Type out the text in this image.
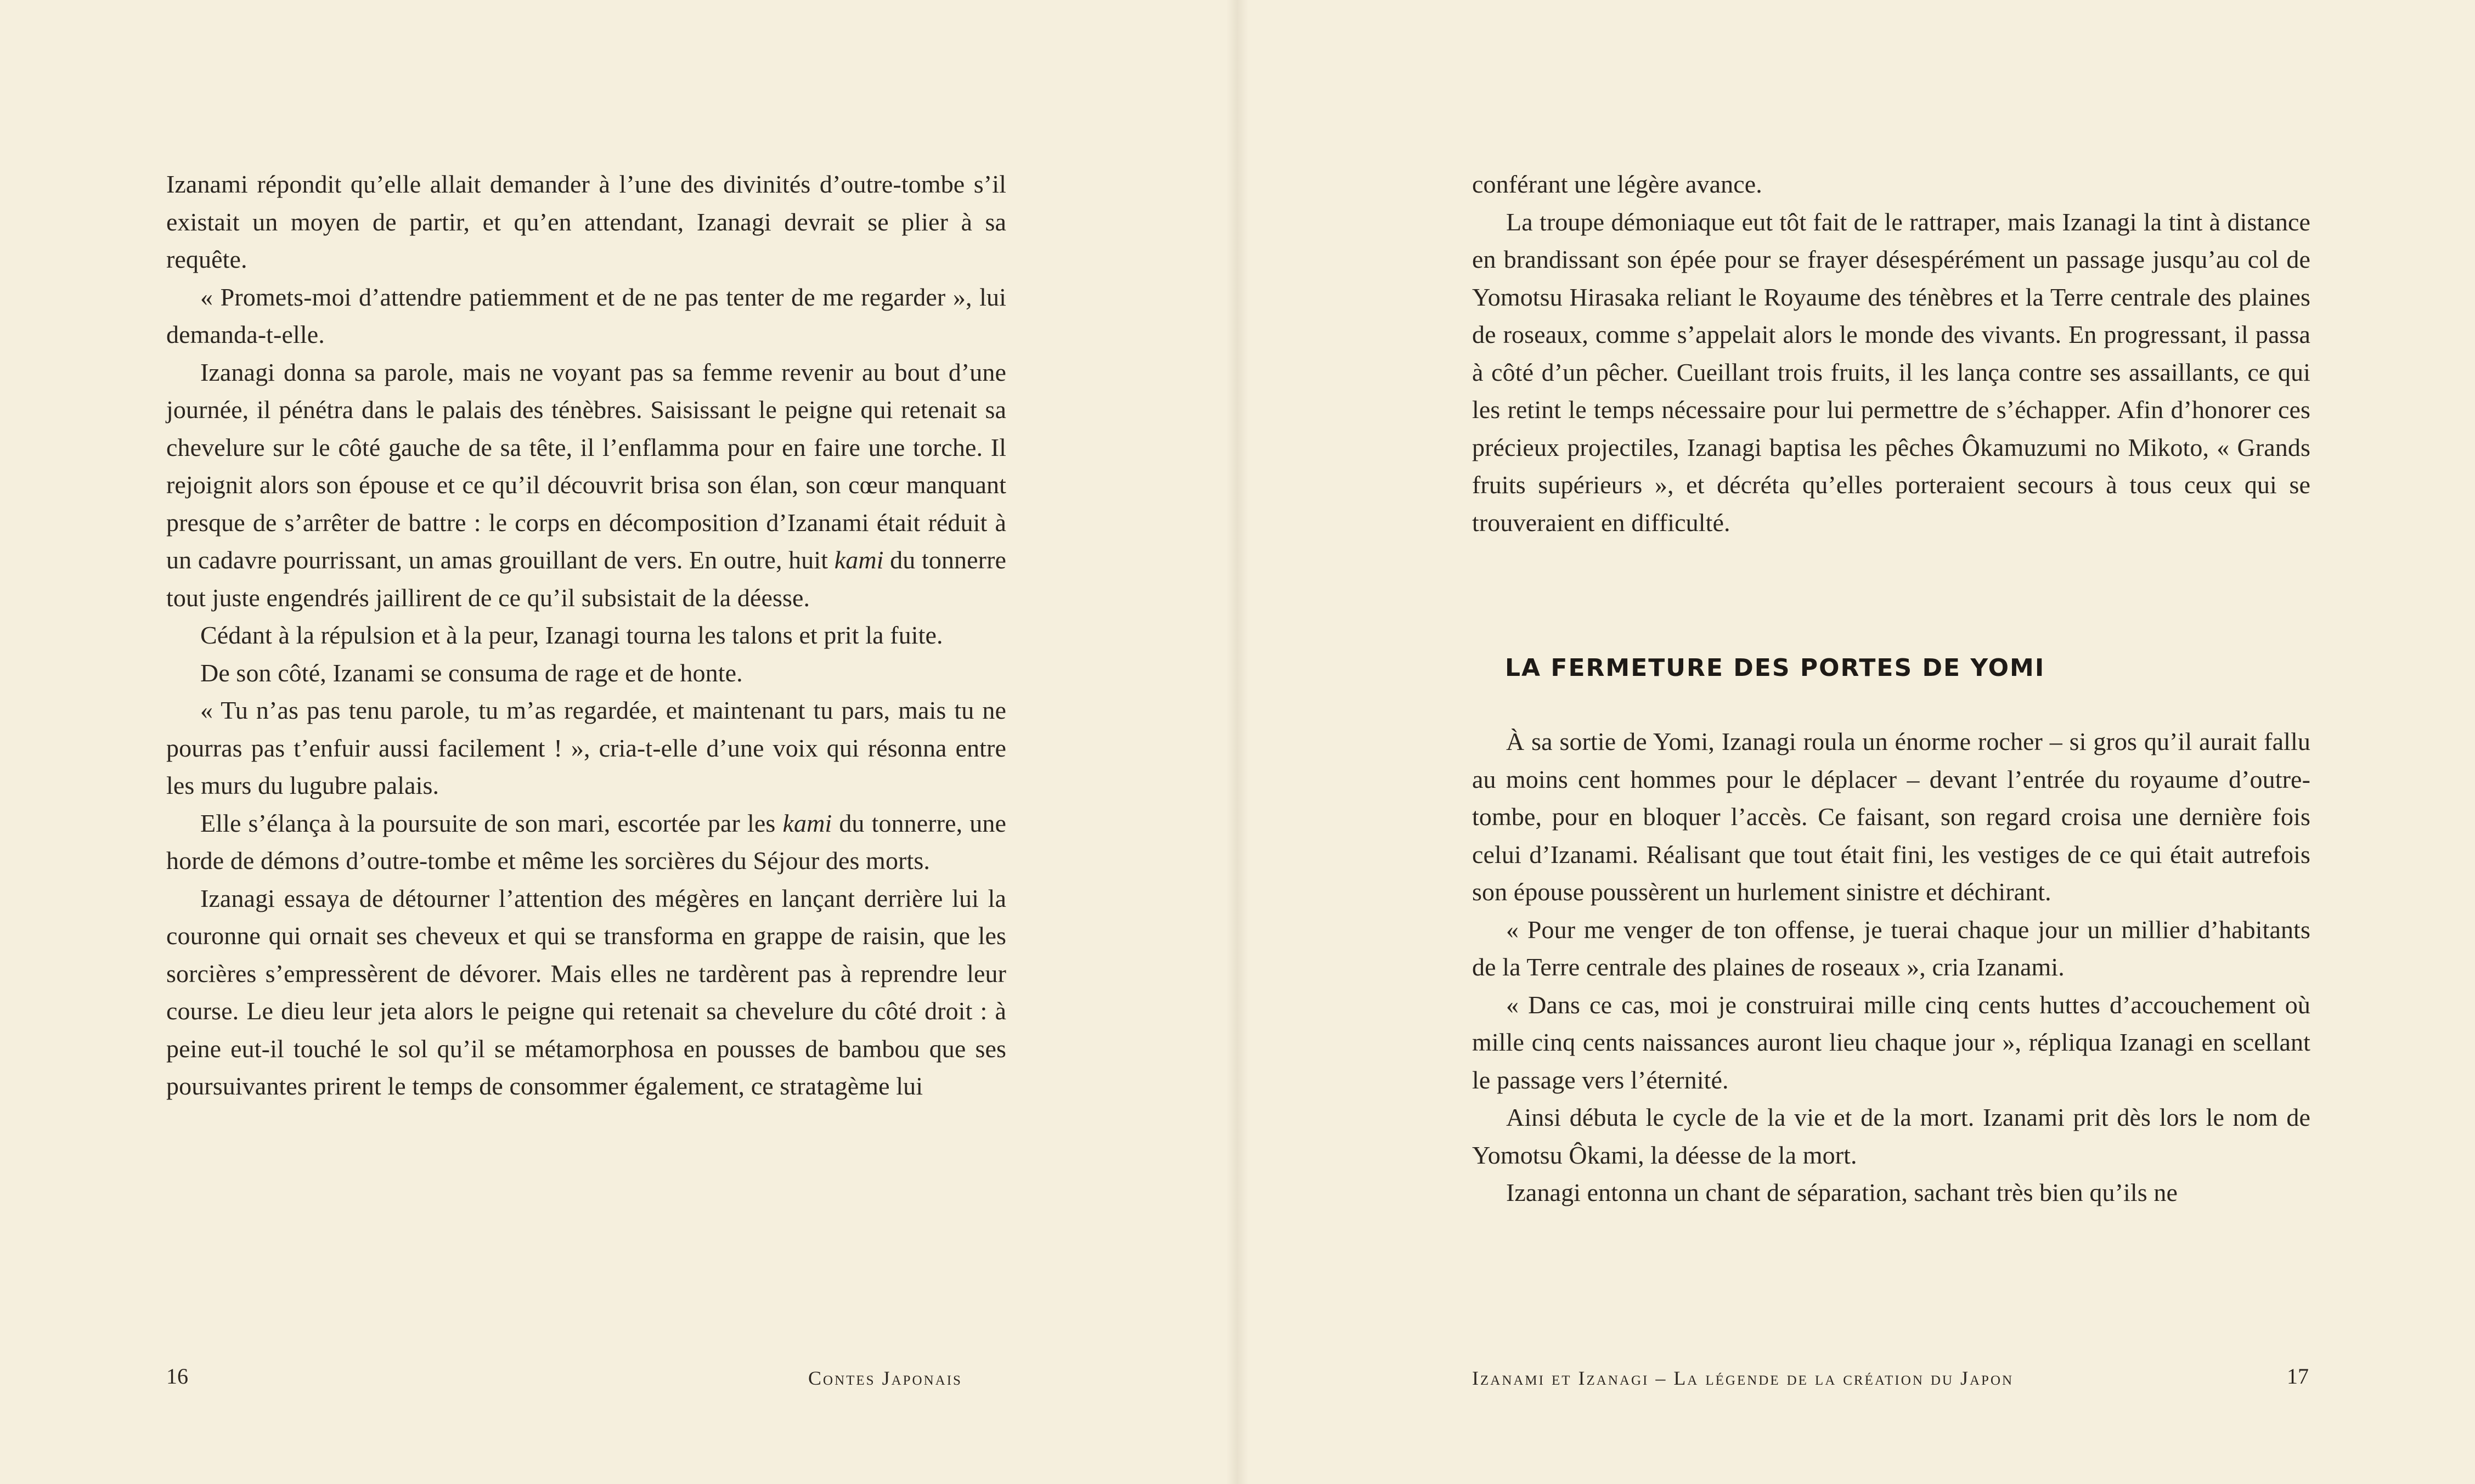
Izanami répondit qu’elle allait demander à l’une des divinités d’outre-tombe s’il existait un moyen de partir, et qu’en attendant, Izanagi devrait se plier à sa requête.

« Promets-moi d’attendre patiemment et de ne pas tenter de me regarder », lui demanda-t-elle.

Izanagi donna sa parole, mais ne voyant pas sa femme revenir au bout d’une journée, il pénétra dans le palais des ténèbres. Saisissant le peigne qui retenait sa chevelure sur le côté gauche de sa tête, il l’enflamma pour en faire une torche. Il rejoignit alors son épouse et ce qu’il découvrit brisa son élan, son cœur manquant presque de s’arrêter de battre : le corps en décomposition d’Izanami était réduit à un cadavre pourrissant, un amas grouillant de vers. En outre, huit kami du tonnerre tout juste engendrés jaillirent de ce qu’il subsistait de la déesse.

Cédant à la répulsion et à la peur, Izanagi tourna les talons et prit la fuite.

De son côté, Izanami se consuma de rage et de honte.

« Tu n’as pas tenu parole, tu m’as regardée, et maintenant tu pars, mais tu ne pourras pas t’enfuir aussi facilement ! », cria-t-elle d’une voix qui résonna entre les murs du lugubre palais.

Elle s’élança à la poursuite de son mari, escortée par les kami du tonnerre, une horde de démons d’outre-tombe et même les sorcières du Séjour des morts.

Izanagi essaya de détourner l’attention des mégères en lançant derrière lui la couronne qui ornait ses cheveux et qui se transforma en grappe de raisin, que les sorcières s’empressèrent de dévorer. Mais elles ne tardèrent pas à reprendre leur course. Le dieu leur jeta alors le peigne qui retenait sa chevelure du côté droit : à peine eut-il touché le sol qu’il se métamorphosa en pousses de bambou que ses poursuivantes prirent le temps de consommer également, ce stratagème lui

16	Contes Japonais

conférant une légère avance.

La troupe démoniaque eut tôt fait de le rattraper, mais Izanagi la tint à distance en brandissant son épée pour se frayer désespérément un passage jusqu’au col de Yomotsu Hirasaka reliant le Royaume des ténèbres et la Terre centrale des plaines de roseaux, comme s’appelait alors le monde des vivants. En progressant, il passa à côté d’un pêcher. Cueillant trois fruits, il les lança contre ses assaillants, ce qui les retint le temps nécessaire pour lui permettre de s’échapper. Afin d’honorer ces précieux projectiles, Izanagi baptisa les pêches Ôkamuzumi no Mikoto, « Grands fruits supérieurs », et décréta qu’elles porteraient secours à tous ceux qui se trouveraient en difficulté.

LA FERMETURE DES PORTES DE YOMI

À sa sortie de Yomi, Izanagi roula un énorme rocher – si gros qu’il aurait fallu au moins cent hommes pour le déplacer – devant l’entrée du royaume d’outre-tombe, pour en bloquer l’accès. Ce faisant, son regard croisa une dernière fois celui d’Izanami. Réalisant que tout était fini, les vestiges de ce qui était autrefois son épouse poussèrent un hurlement sinistre et déchirant.

« Pour me venger de ton offense, je tuerai chaque jour un millier d’habitants de la Terre centrale des plaines de roseaux », cria Izanami.

« Dans ce cas, moi je construirai mille cinq cents huttes d’accouchement où mille cinq cents naissances auront lieu chaque jour », répliqua Izanagi en scellant le passage vers l’éternité.

Ainsi débuta le cycle de la vie et de la mort. Izanami prit dès lors le nom de Yomotsu Ôkami, la déesse de la mort.

Izanagi entonna un chant de séparation, sachant très bien qu’ils ne

Izanami et Izanagi – La légende de la création du Japon	17
